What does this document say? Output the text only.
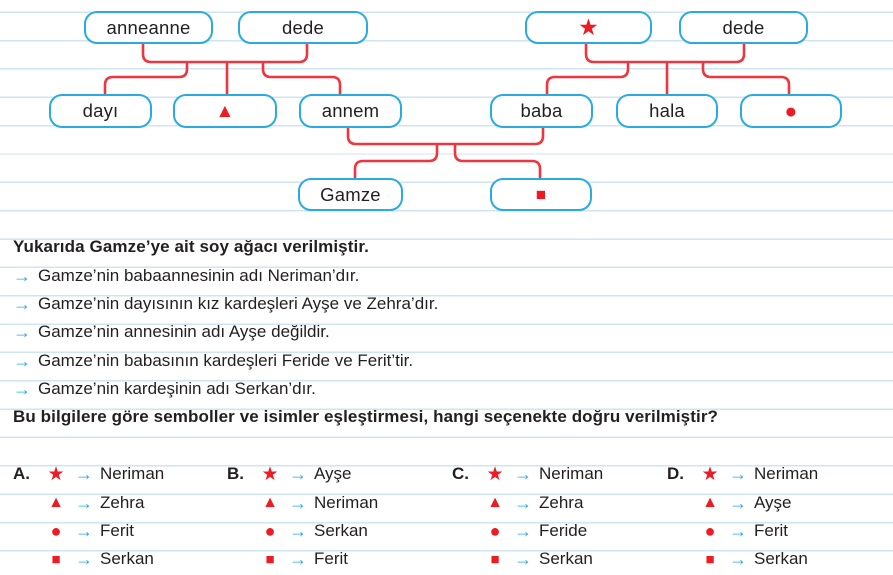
anneanne	dede	★	dede
dayı	▲	annem	baba	hala	●
Gamze	■
Yukarıda Gamze’ye ait soy ağacı verilmiştir.
→ Gamze’nin babaannesinin adı Neriman’dır.
→ Gamze’nin dayısının kız kardeşleri Ayşe ve Zehra’dır.
→ Gamze’nin annesinin adı Ayşe değildir.
→ Gamze’nin babasının kardeşleri Feride ve Ferit’tir.
→ Gamze’nin kardeşinin adı Serkan’dır.
Bu bilgilere göre semboller ve isimler eşleştirmesi, hangi seçenekte doğru verilmiştir?
A. ★ → Neriman
▲ → Zehra
● → Ferit
■ → Serkan
B. ★ → Ayşe
▲ → Neriman
● → Serkan
■ → Ferit
C. ★ → Neriman
▲ → Zehra
● → Feride
■ → Serkan
D. ★ → Neriman
▲ → Ayşe
● → Ferit
■ → Serkan
